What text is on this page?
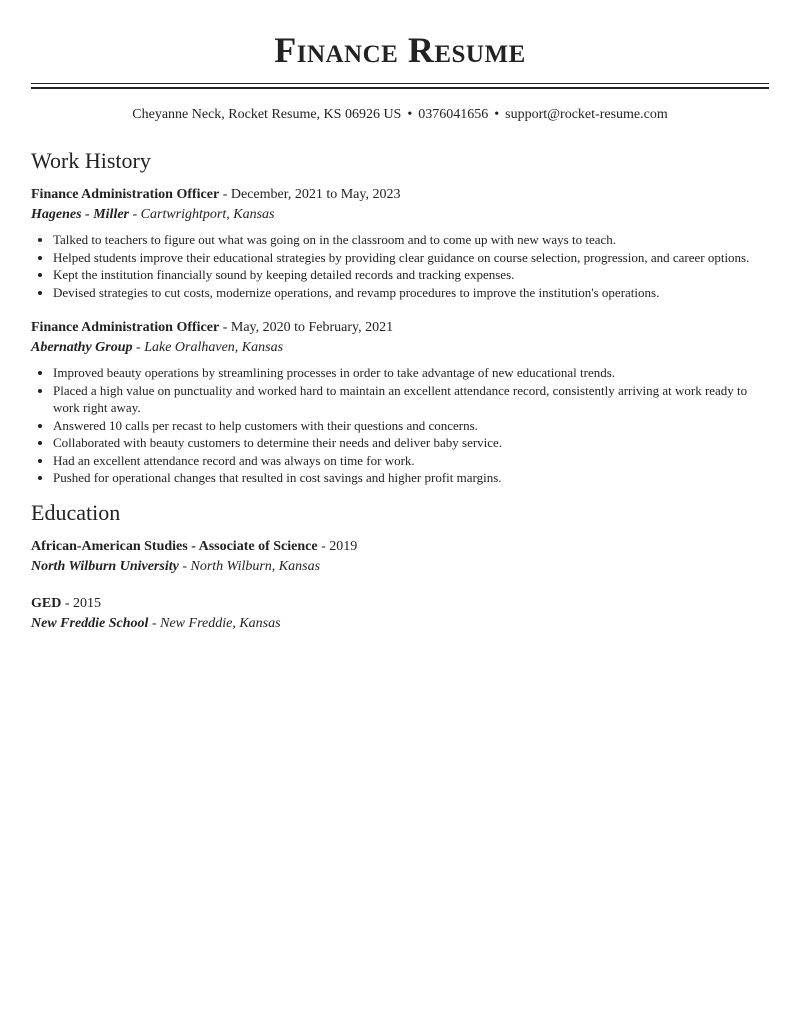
Finance Resume
Cheyanne Neck, Rocket Resume, KS 06926 US • 0376041656 • support@rocket-resume.com
Work History
Finance Administration Officer - December, 2021 to May, 2023
Hagenes - Miller - Cartwrightport, Kansas
• Talked to teachers to figure out what was going on in the classroom and to come up with new ways to teach.
• Helped students improve their educational strategies by providing clear guidance on course selection, progression, and career options.
• Kept the institution financially sound by keeping detailed records and tracking expenses.
• Devised strategies to cut costs, modernize operations, and revamp procedures to improve the institution's operations.
Finance Administration Officer - May, 2020 to February, 2021
Abernathy Group - Lake Oralhaven, Kansas
• Improved beauty operations by streamlining processes in order to take advantage of new educational trends.
• Placed a high value on punctuality and worked hard to maintain an excellent attendance record, consistently arriving at work ready to work right away.
• Answered 10 calls per recast to help customers with their questions and concerns.
• Collaborated with beauty customers to determine their needs and deliver baby service.
• Had an excellent attendance record and was always on time for work.
• Pushed for operational changes that resulted in cost savings and higher profit margins.
Education
African-American Studies - Associate of Science - 2019
North Wilburn University - North Wilburn, Kansas
GED - 2015
New Freddie School - New Freddie, Kansas
